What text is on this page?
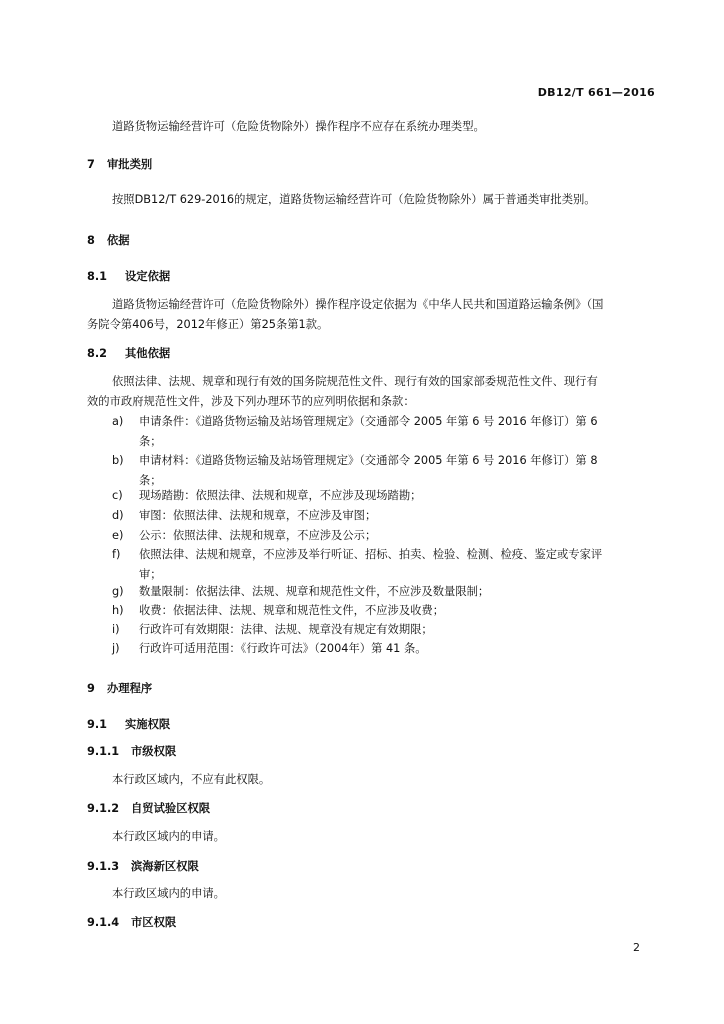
DB12/T 661—2016

道路货物运输经营许可（危险货物除外）操作程序不应存在系统办理类型。

7 审批类别

按照DB12/T 629-2016的规定，道路货物运输经营许可（危险货物除外）属于普通类审批类别。

8 依据
8.1 设定依据

道路货物运输经营许可（危险货物除外）操作程序设定依据为《中华人民共和国道路运输条例》（国

务院令第406号，2012年修正）第25条第1款。

8.2 其他依据

依照法律、法规、规章和现行有效的国务院规范性文件、现行有效的国家部委规范性文件、现行有

效的市政府规范性文件，涉及下列办理环节的应列明依据和条款：

a) 申请条件：《道路货物运输及站场管理规定》（交通部令 2005 年第 6 号 2016 年修订）第 6
条；
b) 申请材料：《道路货物运输及站场管理规定》（交通部令 2005 年第 6 号 2016 年修订）第 8
条；
c) 现场踏勘：依照法律、法规和规章，不应涉及现场踏勘；
d) 审图：依照法律、法规和规章，不应涉及审图；
e) 公示：依照法律、法规和规章，不应涉及公示；
f) 依照法律、法规和规章，不应涉及举行听证、招标、拍卖、检验、检测、检疫、鉴定或专家评
审；
g) 数量限制：依据法律、法规、规章和规范性文件，不应涉及数量限制；
h) 收费：依据法律、法规、规章和规范性文件，不应涉及收费；
i) 行政许可有效期限：法律、法规、规章没有规定有效期限；
j) 行政许可适用范围：《行政许可法》（2004年）第 41 条。
9 办理程序
9.1 实施权限
9.1.1 市级权限

本行政区域内，不应有此权限。

9.1.2 自贸试验区权限

本行政区域内的申请。

9.1.3 滨海新区权限

本行政区域内的申请。

9.1.4 市区权限
2
